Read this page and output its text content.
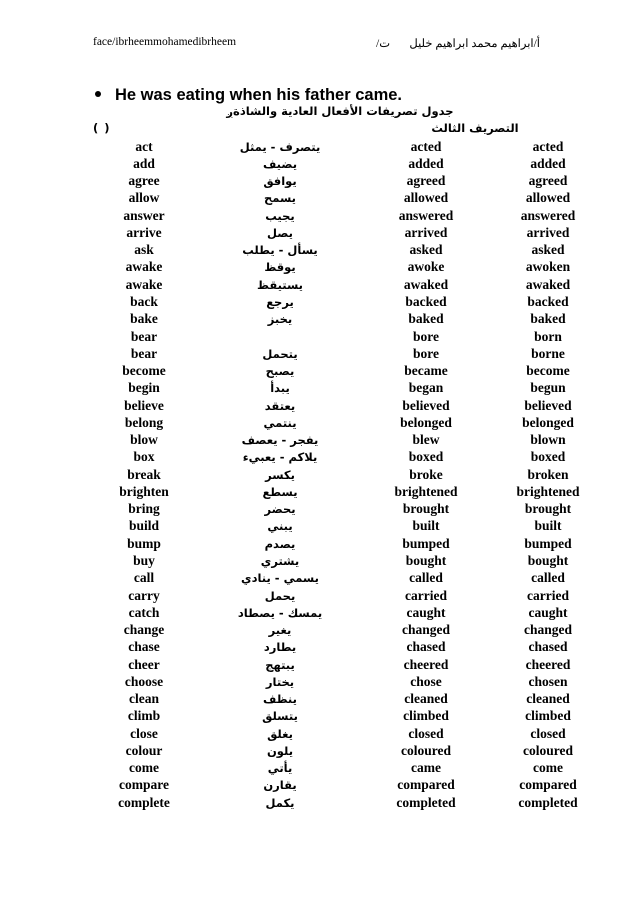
face/ibrheemmohamedibrheem	ت/ أ/ابراهيم محمد ابراهيم خليل
He was eating when his father came.
جدول تصريفات الأفعال العادية والشاذةږ
( )	التصريف الثالث
act	يتصرف - يمثل	acted	acted
add	يضيف	added	added
agree	يوافق	agreed	agreed
allow	يسمح	allowed	allowed
answer	يجيب	answered	answered
arrive	يصل	arrived	arrived
ask	يسأل - يطلب	asked	asked
awake	يوقظ	awoke	awoken
awake	يستيقظ	awaked	awaked
back	يرجع	backed	backed
bake	يخبز	baked	baked
bear		bore	born
bear	يتحمل	bore	borne
become	يصبح	became	become
begin	يبدأ	began	begun
believe	يعتقد	believed	believed
belong	ينتمي	belonged	belonged
blow	يفجر - يعصف	blew	blown
box	يلاكم - يعبيء	boxed	boxed
break	يكسر	broke	broken
brighten	يسطع	brightened	brightened
bring	يحضر	brought	brought
build	يبني	built	built
bump	يصدم	bumped	bumped
buy	يشتري	bought	bought
call	يسمي - ينادي	called	called
carry	يحمل	carried	carried
catch	يمسك - يصطاد	caught	caught
change	يغير	changed	changed
chase	يطارد	chased	chased
cheer	يبتهج	cheered	cheered
choose	يختار	chose	chosen
clean	ينظف	cleaned	cleaned
climb	يتسلق	climbed	climbed
close	يغلق	closed	closed
colour	يلون	coloured	coloured
come	يأتي	came	come
compare	يقارن	compared	compared
complete	يكمل	completed	completed
